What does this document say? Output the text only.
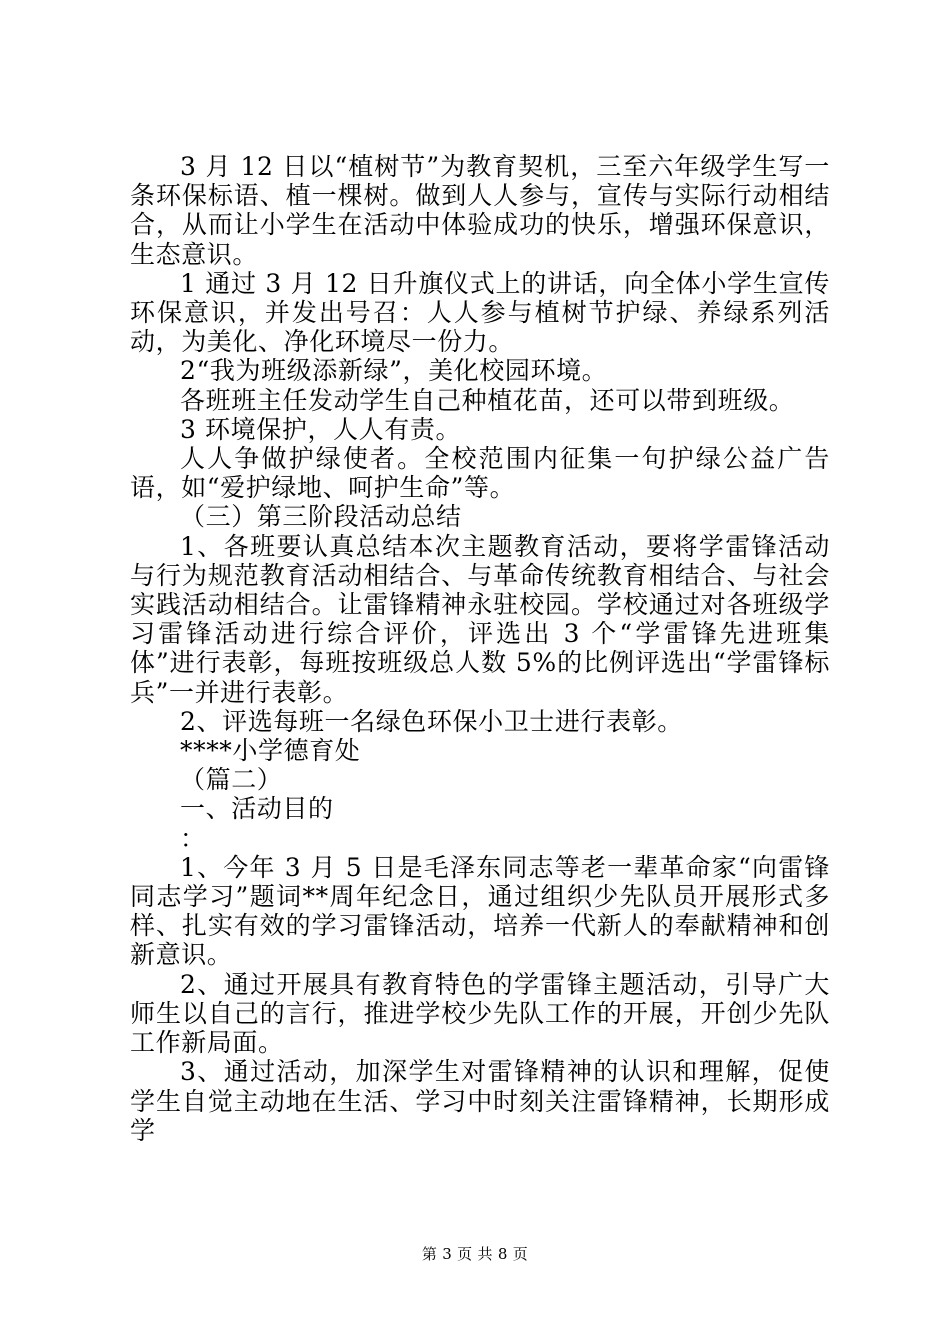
3 月 12 日以“植树节”为教育契机，三至六年级学生写一条环保标语、植一棵树。做到人人参与，宣传与实际行动相结合，从而让小学生在活动中体验成功的快乐，增强环保意识，生态意识。

1 通过 3 月 12 日升旗仪式上的讲话，向全体小学生宣传环保意识，并发出号召：人人参与植树节护绿、养绿系列活动，为美化、净化环境尽一份力。

2“我为班级添新绿”，美化校园环境。

各班班主任发动学生自己种植花苗，还可以带到班级。

3 环境保护，人人有责。

人人争做护绿使者。全校范围内征集一句护绿公益广告语，如“爱护绿地、呵护生命”等。

（三）第三阶段活动总结

1、各班要认真总结本次主题教育活动，要将学雷锋活动与行为规范教育活动相结合、与革命传统教育相结合、与社会实践活动相结合。让雷锋精神永驻校园。学校通过对各班级学习雷锋活动进行综合评价，评选出 3 个“学雷锋先进班集体”进行表彰，每班按班级总人数 5%的比例评选出“学雷锋标兵”一并进行表彰。

2、评选每班一名绿色环保小卫士进行表彰。

****小学德育处

（篇二）

一、活动目的

：

1、今年 3 月 5 日是毛泽东同志等老一辈革命家“向雷锋同志学习”题词**周年纪念日，通过组织少先队员开展形式多样、扎实有效的学习雷锋活动，培养一代新人的奉献精神和创新意识。

2、通过开展具有教育特色的学雷锋主题活动，引导广大师生以自己的言行，推进学校少先队工作的开展，开创少先队工作新局面。

3、通过活动，加深学生对雷锋精神的认识和理解，促使学生自觉主动地在生活、学习中时刻关注雷锋精神，长期形成学

第 3 页 共 8 页
